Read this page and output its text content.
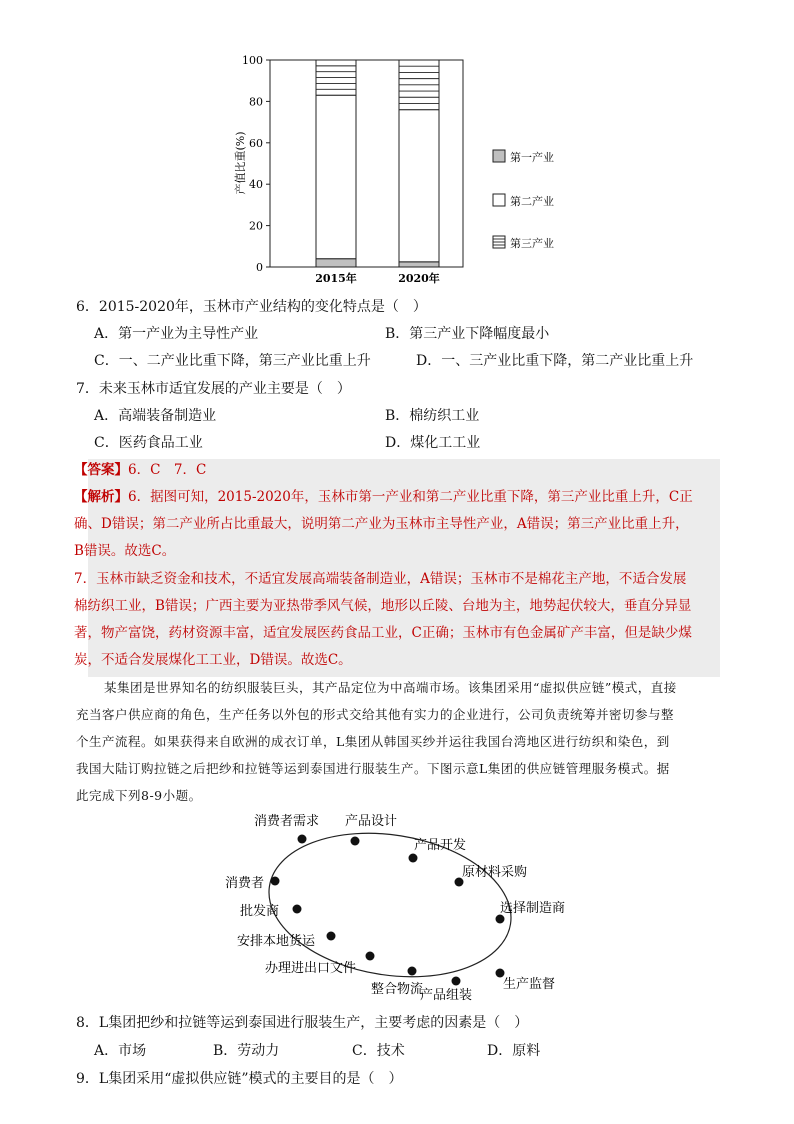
0
20
40
60
80
100
产值比重(%)
2015年	2020年
第一产业
第二产业
第三产业
6．2015-2020年，玉林市产业结构的变化特点是（　）
A．第一产业为主导性产业	B．第三产业下降幅度最小
C．一、二产业比重下降，第三产业比重上升	D．一、三产业比重下降，第二产业比重上升
7．未来玉林市适宜发展的产业主要是（　）
A．高端装备制造业	B．棉纺织工业
C．医药食品工业	D．煤化工工业
【答案】6．C　7．C
【解析】6．据图可知，2015-2020年，玉林市第一产业和第二产业比重下降，第三产业比重上升，C正
确、D错误；第二产业所占比重最大，说明第二产业为玉林市主导性产业，A错误；第三产业比重上升，
B错误。故选C。
7．玉林市缺乏资金和技术，不适宜发展高端装备制造业，A错误；玉林市不是棉花主产地，不适合发展
棉纺织工业，B错误；广西主要为亚热带季风气候，地形以丘陵、台地为主，地势起伏较大，垂直分异显
著，物产富饶，药材资源丰富，适宜发展医药食品工业，C正确；玉林市有色金属矿产丰富，但是缺少煤
炭，不适合发展煤化工工业，D错误。故选C。
某集团是世界知名的纺织服装巨头，其产品定位为中高端市场。该集团采用“虚拟供应链”模式，直接
充当客户供应商的角色，生产任务以外包的形式交给其他有实力的企业进行，公司负责统筹并密切参与整
个生产流程。如果获得来自欧洲的成衣订单，L集团从韩国买纱并运往我国台湾地区进行纺织和染色，到
我国大陆订购拉链之后把纱和拉链等运到泰国进行服装生产。下图示意L集团的供应链管理服务模式。据
此完成下列8-9小题。
消费者需求 产品设计
产品开发
原材料采购
选择制造商
生产监督
产品组装
整合物流
办理进出口文件
安排本地货运
批发商
消费者
8．L集团把纱和拉链等运到泰国进行服装生产，主要考虑的因素是（　）
A．市场	B．劳动力	C．技术	D．原料
9．L集团采用“虚拟供应链”模式的主要目的是（　）
